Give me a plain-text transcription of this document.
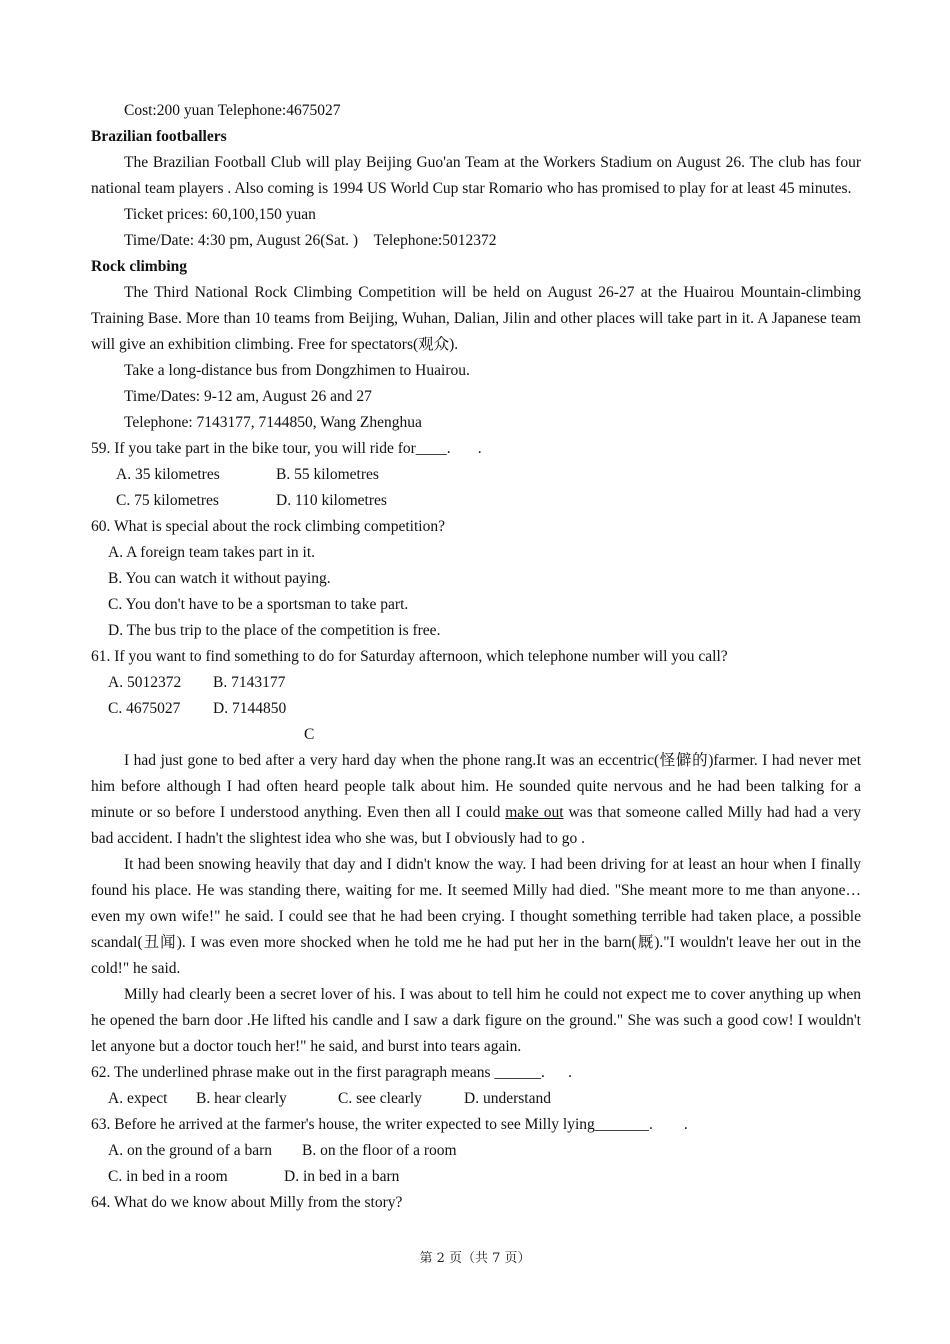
Cost:200 yuan Telephone:4675027
Brazilian footballers
The Brazilian Football Club will play Beijing Guo'an Team at the Workers Stadium on August 26. The club has four national team players . Also coming is 1994 US World Cup star Romario who has promised to play for at least 45 minutes.
Ticket prices: 60,100,150 yuan
Time/Date: 4:30 pm, August 26(Sat. )    Telephone:5012372
Rock climbing
The Third National Rock Climbing Competition will be held on August 26-27 at the Huairou Mountain-climbing Training Base. More than 10 teams from Beijing, Wuhan, Dalian, Jilin and other places will take part in it. A Japanese team will give an exhibition climbing. Free for spectators(观众).
Take a long-distance bus from Dongzhimen to Huairou.
Time/Dates: 9-12 am, August 26 and 27
Telephone: 7143177, 7144850, Wang Zhenghua
59. If you take part in the bike tour, you will ride for____.       .
A. 35 kilometres	B. 55 kilometres
C. 75 kilometres	D. 110 kilometres
60. What is special about the rock climbing competition?
A. A foreign team takes part in it.
B. You can watch it without paying.
C. You don't have to be a sportsman to take part.
D. The bus trip to the place of the competition is free.
61. If you want to find something to do for Saturday afternoon, which telephone number will you call?
A. 5012372 B. 7143177
C. 4675027 D. 7144850
C
I had just gone to bed after a very hard day when the phone rang.It was an eccentric(怪僻的)farmer. I had never met him before although I had often heard people talk about him. He sounded quite nervous and he had been talking for a minute or so before I understood anything. Even then all I could make out was that someone called Milly had had a very bad accident. I hadn't the slightest idea who she was, but I obviously had to go .
It had been snowing heavily that day and I didn't know the way. I had been driving for at least an hour when I finally found his place. He was standing there, waiting for me. It seemed Milly had died. "She meant more to me than anyone…even my own wife!" he said. I could see that he had been crying. I thought something terrible had taken place, a possible scandal(丑闻). I was even more shocked when he told me he had put her in the barn(厩)."I wouldn't leave her out in the cold!" he said.
Milly had clearly been a secret lover of his. I was about to tell him he could not expect me to cover anything up when he opened the barn door .He lifted his candle and I saw a dark figure on the ground." She was such a good cow! I wouldn't let anyone but a doctor touch her!" he said, and burst into tears again.
62. The underlined phrase make out in the first paragraph means ______.      .
A. expect B. hear clearly	C. see clearly	D. understand
63. Before he arrived at the farmer's house, the writer expected to see Milly lying_______.        .
A. on the ground of a barn B. on the floor of a room
C. in bed in a room	D. in bed in a barn
64. What do we know about Milly from the story?
第 2 页（共 7 页）
